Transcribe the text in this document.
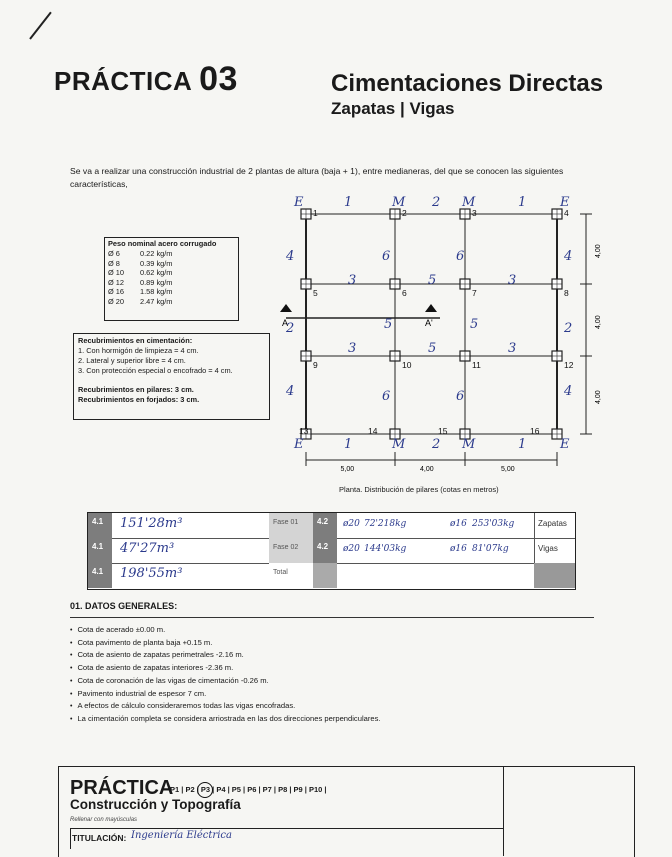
PRÁCTICA 03	Cimentaciones Directas
Zapatas | Vigas
Se va a realizar una construcción industrial de 2 plantas de altura (baja + 1), entre medianeras, del que se conocen las siguientes características,
Peso nominal acero corrugado
Ø 6	0.22 kg/m
Ø 8	0.39 kg/m
Ø 10	0.62 kg/m
Ø 12	0.89 kg/m
Ø 16	1.58 kg/m
Ø 20	2.47 kg/m
Recubrimientos en cimentación:
1. Con hormigón de limpieza = 4 cm.
2. Lateral y superior libre = 4 cm.
3. Con protección especial o encofrado = 4 cm.
Recubrimientos en pilares: 3 cm.
Recubrimientos en forjados: 3 cm.
A	A'
1	2	3	4
5	6	7	8
9	10	11	12
13	14	15	16
5,00	4,00	5,00
4,00
4,00
4,00
E	1	M 2 M	1	E
E	1	M 2 M	1	E
4
2
4
4
2
4
3	5	3
3	5	3
6	6
5	5
6	6
Planta. Distribución de pilares (cotas en metros)
4.1	151'28m³	Fase 01	4.2	ø20 72'218kg	ø16 253'03kg	Zapatas
4.1	47'27m³	Fase 02	4.2	ø20 144'03kg	ø16 81'07kg	Vigas
4.1	198'55m³	Total
01. DATOS GENERALES:
• Cota de acerado ±0.00 m.
• Cota pavimento de planta baja +0.15 m.
• Cota de asiento de zapatas perimetrales -2.16 m.
• Cota de asiento de zapatas interiores -2.36 m.
• Cota de coronación de las vigas de cimentación -0.26 m.
• Pavimento industrial de espesor 7 cm.
• A efectos de cálculo consideraremos todas las vigas encofradas.
• La cimentación completa se considera arriostrada en las dos direcciones perpendiculares.
PRÁCTICA
P1 | P2 | P3 | P4 | P5 | P6 | P7 | P8 | P9 | P10 |
Construcción y Topografía
Rellenar con mayúsculas
TITULACIÓN: Ingeniería Eléctrica
